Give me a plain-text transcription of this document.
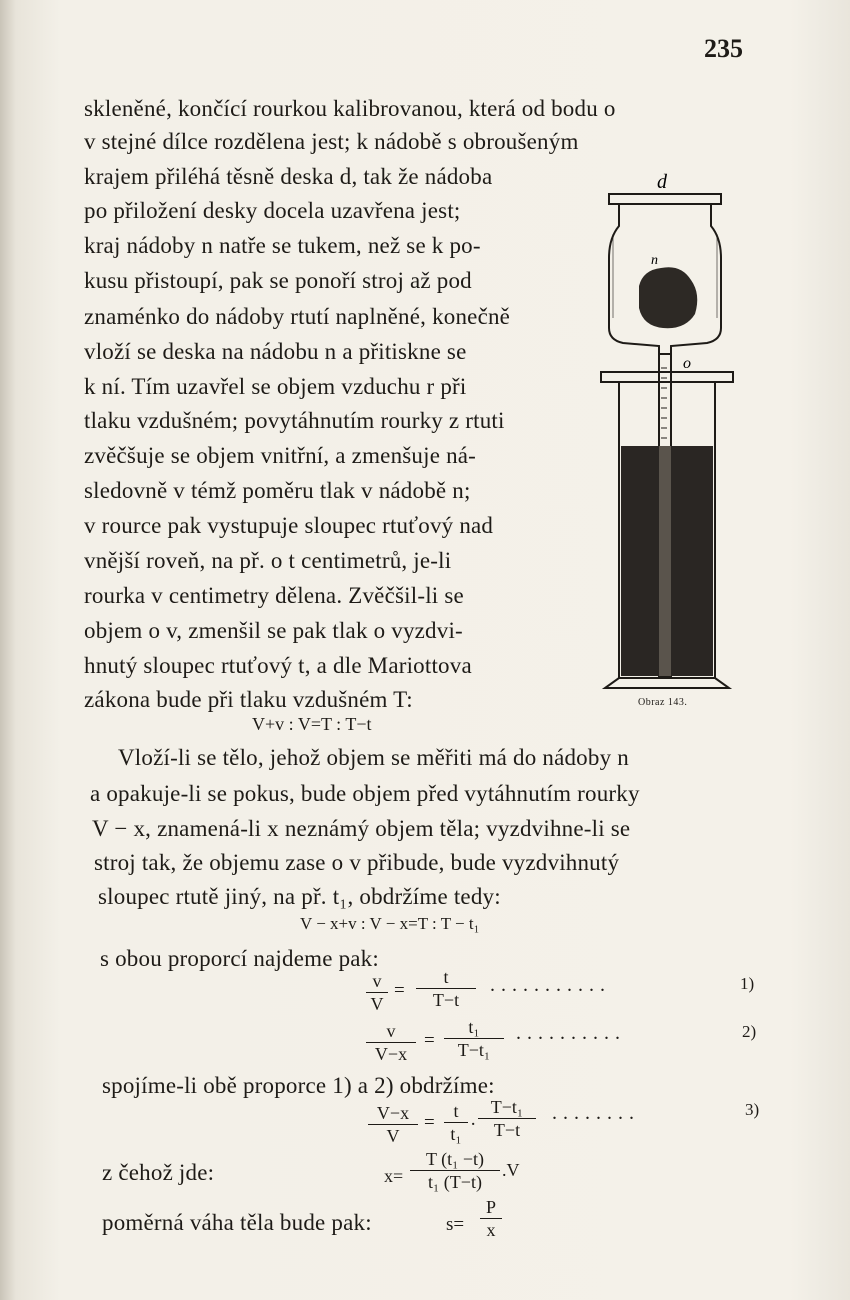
235
skleněné, končící rourkou kalibrovanou, která od bodu o
v stejné dílce rozdělena jest; k nádobě s obroušeným
krajem přiléhá těsně deska d, tak že nádoba
po přiložení desky docela uzavřena jest;
kraj nádoby n natře se tukem, než se k po-
kusu přistoupí, pak se ponoří stroj až pod
znaménko do nádoby rtutí naplněné, konečně
vloží se deska na nádobu n a přitiskne se
k ní. Tím uzavřel se objem vzduchu r při
tlaku vzdušném; povytáhnutím rourky z rtuti
zvěčšuje se objem vnitřní, a zmenšuje ná-
sledovně v témž poměru tlak v nádobě n;
v rource pak vystupuje sloupec rtuťový nad
vnější roveň, na př. o t centimetrů, je-li
rourka v centimetry dělena. Zvěčšil-li se
objem o v, zmenšil se pak tlak o vyzdvi-
hnutý sloupec rtuťový t, a dle Mariottova
zákona bude při tlaku vzdušném T:
V+v : V=T : T−t
Vloží-li se tělo, jehož objem se měřiti má do nádoby n
a opakuje-li se pokus, bude objem před vytáhnutím rourky
V − x, znamená-li x neznámý objem těla; vyzdvihne-li se
stroj tak, že objemu zase o v přibude, bude vyzdvihnutý
sloupec rtutě jiný, na př. t₁, obdržíme tedy:
V − x+v : V − x=T : T − t₁
s obou proporcí najdeme pak:
$\frac{v}{V} = \frac{t}{T-t}$ ...........	1)
$\frac{v}{V-x} = \frac{\text{t₁}}{\text{T−t₁}}$ ..........	2)
spojíme-li obě proporce 1) a 2) obdržíme:
$\frac{V-x}{V} = \frac{t}{\text{t₁}} \cdot \frac{\text{T−t₁}}{T-t}$ ........	3)
z čehož jde:	$x= \frac{\text{T (t₁ −t)}}{\text{t₁ (T−t)}} .V$
poměrná váha těla bude pak:	$s= \frac{P}{x}$
d
n
o
Obraz 143.
